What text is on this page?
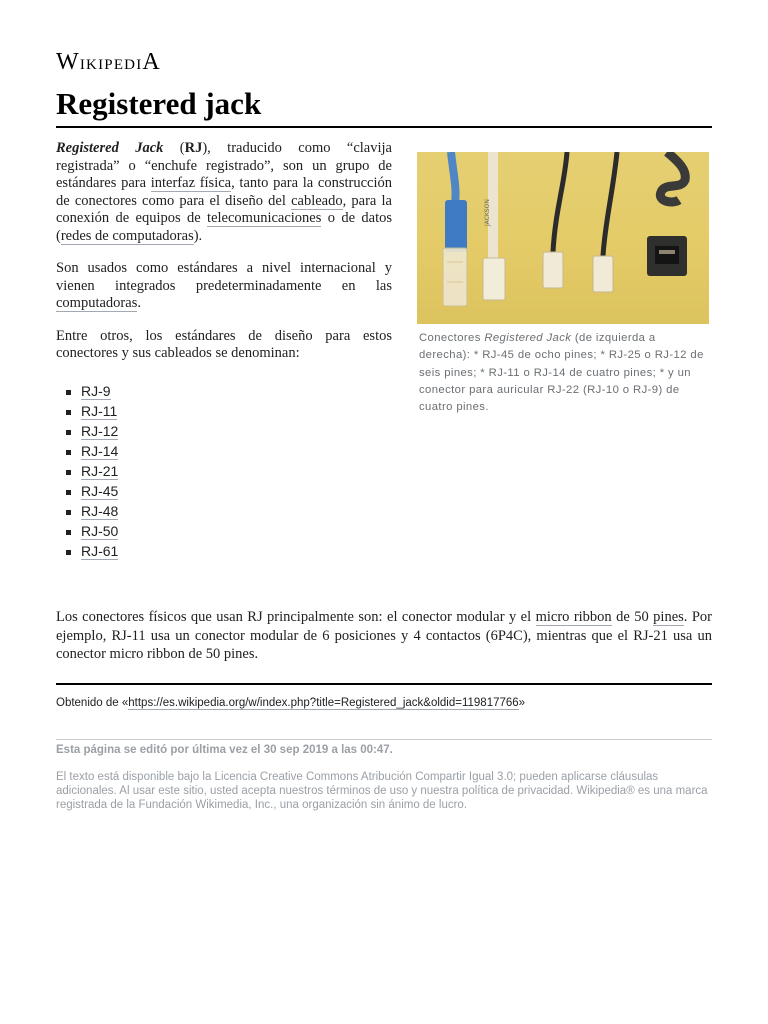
WikipediA
Registered jack

Registered Jack (RJ), traducido como “clavija registrada” o “enchufe registrado”, son un grupo de estándares para interfaz física, tanto para la construcción de conectores como para el diseño del cableado, para la conexión de equipos de telecomunicaciones o de datos (redes de computadoras).

Son usados como estándares a nivel internacional y vienen integrados predeterminadamente en las computadoras.

Entre otros, los estándares de diseño para estos conectores y sus cableados se denominan:

RJ-9
RJ-11
RJ-12
RJ-14
RJ-21
RJ-45
RJ-48
RJ-50
RJ-61
JACKSON
Conectores Registered Jack (de izquierda a derecha): * RJ-45 de ocho pines; * RJ-25 o RJ-12 de seis pines; * RJ-11 o RJ-14 de cuatro pines; * y un conector para auricular RJ-22 (RJ-10 o RJ-9) de cuatro pines.
Los conectores físicos que usan RJ principalmente son: el conector modular y el micro ribbon de 50 pines. Por ejemplo, RJ-11 usa un conector modular de 6 posiciones y 4 contactos (6P4C), mientras que el RJ-21 usa un conector micro ribbon de 50 pines.
Obtenido de «https://es.wikipedia.org/w/index.php?title=Registered_jack&oldid=119817766»
Esta página se editó por última vez el 30 sep 2019 a las 00:47.
El texto está disponible bajo la Licencia Creative Commons Atribución Compartir Igual 3.0; pueden aplicarse cláusulas adicionales. Al usar este sitio, usted acepta nuestros términos de uso y nuestra política de privacidad. Wikipedia® es una marca registrada de la Fundación Wikimedia, Inc., una organización sin ánimo de lucro.
